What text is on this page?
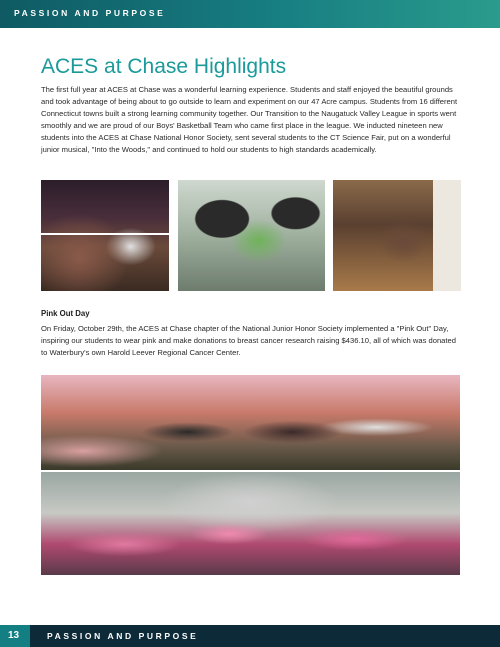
PASSION AND PURPOSE
ACES at Chase Highlights

The first full year at ACES at Chase was a wonderful learning experience. Students and staff enjoyed the beautiful grounds and took advantage of being about to go outside to learn and experiment on our 47 Acre campus. Students from 16 different Connecticut towns built a strong learning community together. Our Transition to the Naugatuck Valley League in sports went smoothly and we are proud of our Boys' Basketball Team who came first place in the league. We inducted nineteen new students into the ACES at Chase National Honor Society, sent several students to the CT Science Fair, put on a wonderful junior musical, "Into the Woods," and continued to hold our students to high standards academically.

Pink Out Day

On Friday, October 29th, the ACES at Chase chapter of the National Junior Honor Society implemented a "Pink Out" Day, inspiring our students to wear pink and make donations to breast cancer research raising $436.10, all of which was donated to Waterbury's own Harold Leever Regional Cancer Center.

13	PASSION AND PURPOSE
